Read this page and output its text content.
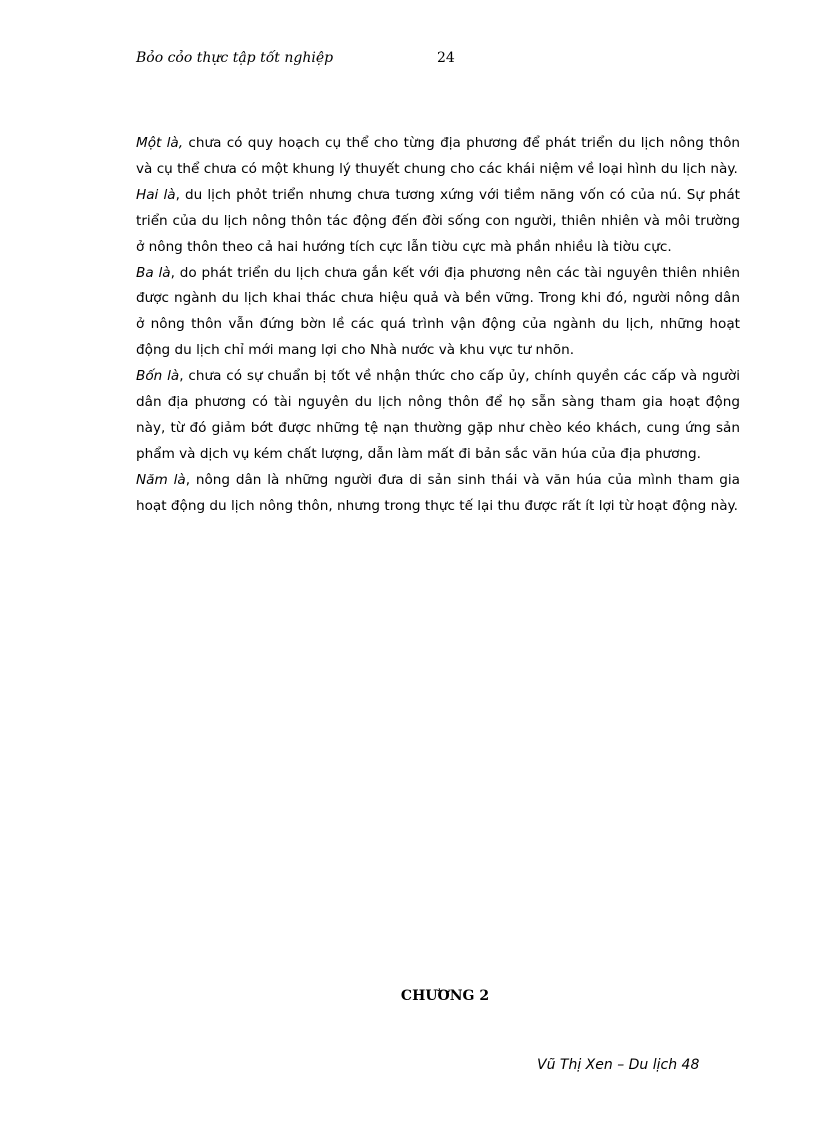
Bỏo cỏo thực tập tốt nghiệp	24

Một là, chưa có quy hoạch cụ thể cho từng địa phương để phát triển du lịch nông thôn và cụ thể chưa có một khung lý thuyết chung cho các khái niệm về loại hình du lịch này.

Hai là, du lịch phỏt triển nhưng chưa tương xứng với tiềm năng vốn có của nú. Sự phát triển của du lịch nông thôn tác động đến đời sống con người, thiên nhiên và môi trường ở nông thôn theo cả hai hướng tích cực lẫn tiờu cực mà phần nhiều là tiờu cực.

Ba là, do phát triển du lịch chưa gắn kết với địa phương nên các tài nguyên thiên nhiên được ngành du lịch khai thác chưa hiệu quả và bền vững. Trong khi đó, người nông dân ở nông thôn vẫn đứng bờn lề các quá trình vận động của ngành du lịch, những hoạt động du lịch chỉ mới mang lợi cho Nhà nước và khu vực tư nhõn.

Bốn là, chưa có sự chuẩn bị tốt về nhận thức cho cấp ủy, chính quyền các cấp và người dân địa phương có tài nguyên du lịch nông thôn để họ sẵn sàng tham gia hoạt động này, từ đó giảm bớt được những tệ nạn thường gặp như chèo kéo khách, cung ứng sản phẩm và dịch vụ kém chất lượng, dẫn làm mất đi bản sắc văn húa của địa phương.

Năm là, nông dân là những người đưa di sản sinh thái và văn húa của mình tham gia hoạt động du lịch nông thôn, nhưng trong thực tế lại thu được rất ít lợi từ hoạt động này.

CHƯƠNG 2
Vũ Thị Xen – Du lịch 48
